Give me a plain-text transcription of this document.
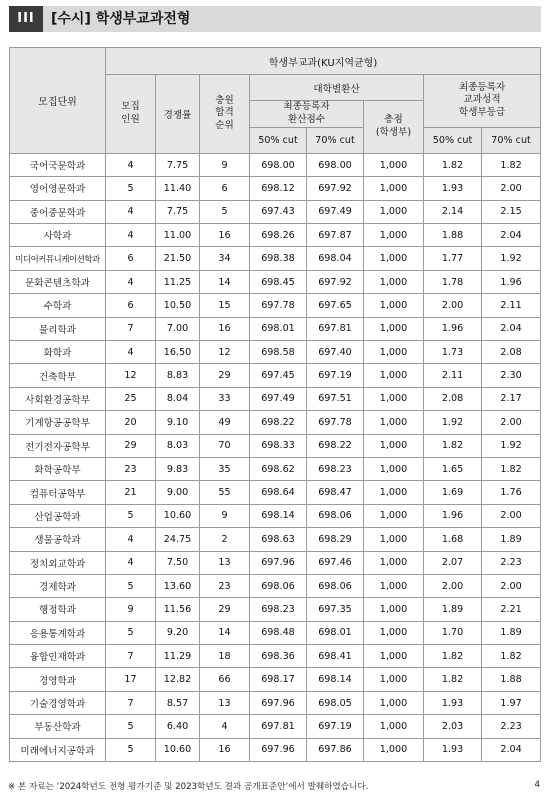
III	[수시] 학생부교과전형
모집단위	학생부교과(KU지역균형)							
	모집
인원	경쟁률	충원
합격
순위	대학별환산			최종등록자
교과성적
학생부등급	
				최종등록자
환산점수		총점
(학생부)		
				50% cut	70% cut		50% cut	70% cut
국어국문학과	4	7.75	9	698.00	698.00	1,000	1.82	1.82
영어영문학과	5	11.40	6	698.12	697.92	1,000	1.93	2.00
중어중문학과	4	7.75	5	697.43	697.49	1,000	2.14	2.15
사학과	4	11.00	16	698.26	697.87	1,000	1.88	2.04
미디어커뮤니케이션학과	6	21.50	34	698.38	698.04	1,000	1.77	1.92
문화콘텐츠학과	4	11.25	14	698.45	697.92	1,000	1.78	1.96
수학과	6	10.50	15	697.78	697.65	1,000	2.00	2.11
물리학과	7	7.00	16	698.01	697.81	1,000	1.96	2.04
화학과	4	16.50	12	698.58	697.40	1,000	1.73	2.08
건축학부	12	8.83	29	697.45	697.19	1,000	2.11	2.30
사회환경공학부	25	8.04	33	697.49	697.51	1,000	2.08	2.17
기계항공공학부	20	9.10	49	698.22	697.78	1,000	1.92	2.00
전기전자공학부	29	8.03	70	698.33	698.22	1,000	1.82	1.92
화학공학부	23	9.83	35	698.62	698.23	1,000	1.65	1.82
컴퓨터공학부	21	9.00	55	698.64	698.47	1,000	1.69	1.76
산업공학과	5	10.60	9	698.14	698.06	1,000	1.96	2.00
생물공학과	4	24.75	2	698.63	698.29	1,000	1.68	1.89
정치외교학과	4	7.50	13	697.96	697.46	1,000	2.07	2.23
경제학과	5	13.60	23	698.06	698.06	1,000	2.00	2.00
행정학과	9	11.56	29	698.23	697.35	1,000	1.89	2.21
응용통계학과	5	9.20	14	698.48	698.01	1,000	1.70	1.89
융합인재학과	7	11.29	18	698.36	698.41	1,000	1.82	1.82
경영학과	17	12.82	66	698.17	698.14	1,000	1.82	1.88
기술경영학과	7	8.57	13	697.96	698.05	1,000	1.93	1.97
부동산학과	5	6.40	4	697.81	697.19	1,000	2.03	2.23
미래에너지공학과	5	10.60	16	697.96	697.86	1,000	1.93	2.04
※ 본 자료는 ‘2024학년도 전형 평가기준 및 2023학년도 결과 공개표준안’에서 발췌하였습니다.	4
